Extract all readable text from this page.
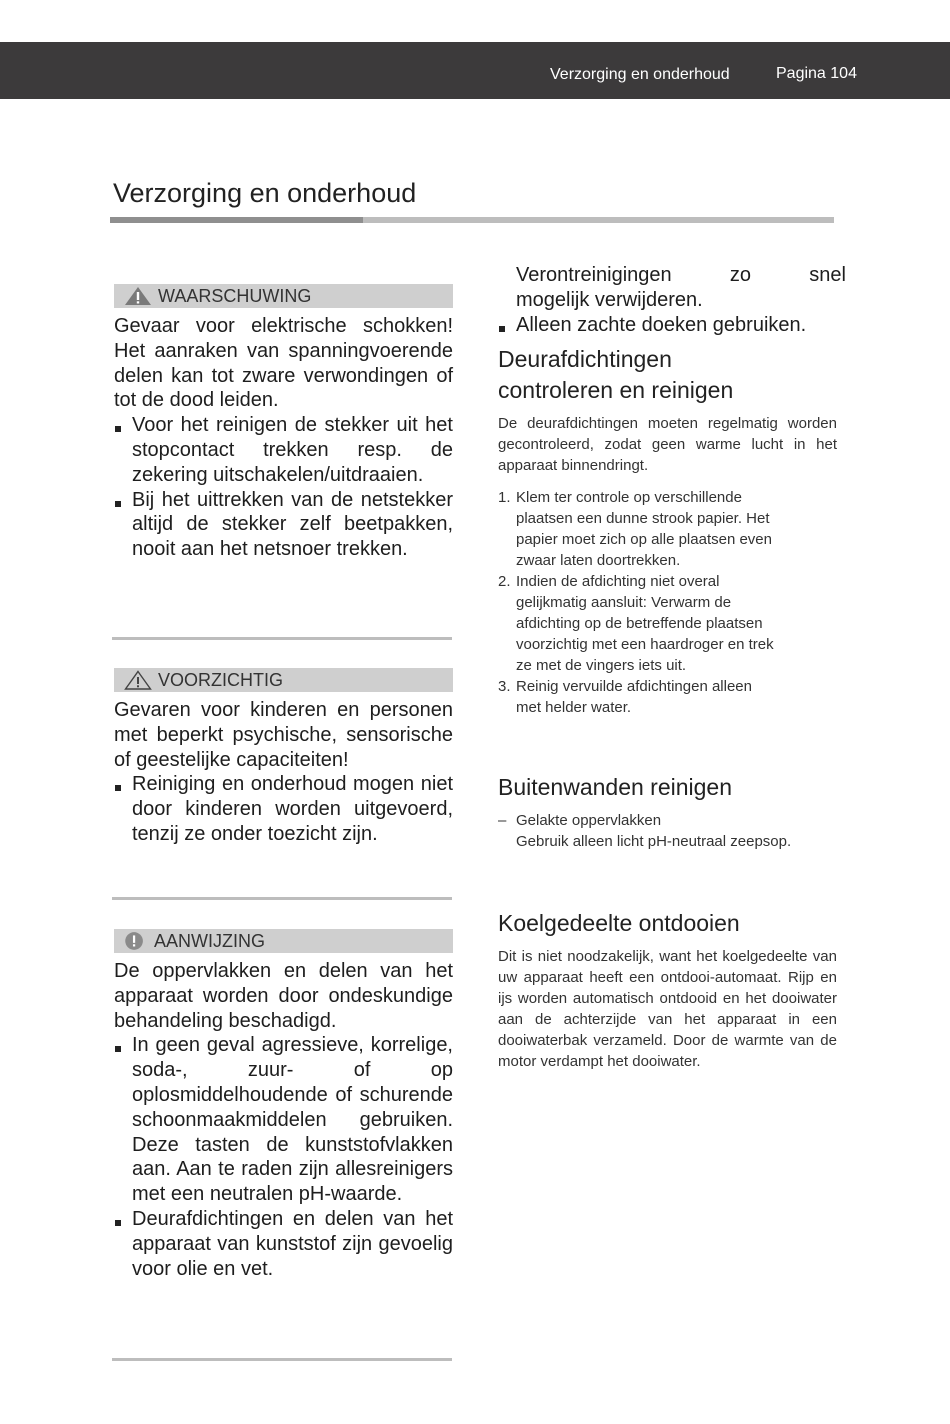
Verzorging en onderhoud	Pagina 104
Verzorging en onderhoud
WAARSCHUWING

Gevaar voor elektrische schokken! Het aanraken van spanningvoerende delen kan tot zware verwondingen of tot de dood leiden.

Voor het reinigen de stekker uit het stopcontact trekken resp. de zekering uitschakelen/uitdraaien.
Bij het uittrekken van de netstekker altijd de stekker zelf beetpakken, nooit aan het netsnoer trekken.
VOORZICHTIG

Gevaren voor kinderen en personen met beperkt psychische, sensorische of geestelijke capaciteiten!

Reiniging en onderhoud mogen niet door kinderen worden uitgevoerd, tenzij ze onder toezicht zijn.
AANWIJZING

De oppervlakken en delen van het apparaat worden door ondeskundige behandeling beschadigd.

In geen geval agressieve, korrelige, soda-, zuur- of op oplosmiddelhoudende of schurende schoonmaakmiddelen gebruiken. Deze tasten de kunststofvlakken aan. Aan te raden zijn allesreinigers met een neutralen pH-waarde.
Deurafdichtingen en delen van het apparaat van kunststof zijn gevoelig voor olie en vet.

Verontreinigingen zo snel

mogelijk verwijderen.

Alleen zachte doeken gebruiken.
Deurafdichtingen
controleren en reinigen

De deurafdichtingen moeten regelmatig worden gecontroleerd, zodat geen warme lucht in het apparaat binnendringt.

1. Klem ter controle op verschillende
plaatsen een dunne strook papier. Het
papier moet zich op alle plaatsen even
zwaar laten doortrekken.
2. Indien de afdichting niet overal
gelijkmatig aansluit: Verwarm de
afdichting op de betreffende plaatsen
voorzichtig met een haardroger en trek
ze met de vingers iets uit.
3. Reinig vervuilde afdichtingen alleen
met helder water.
Buitenwanden reinigen
– Gelakte oppervlakken
Gebruik alleen licht pH-neutraal zeepsop.
Koelgedeelte ontdooien

Dit is niet noodzakelijk, want het koelgedeelte van uw apparaat heeft een ontdooi-automaat. Rijp en ijs worden automatisch ontdooid en het dooiwater aan de achterzijde van het apparaat in een dooiwaterbak verzameld. Door de warmte van de motor verdampt het dooiwater.
